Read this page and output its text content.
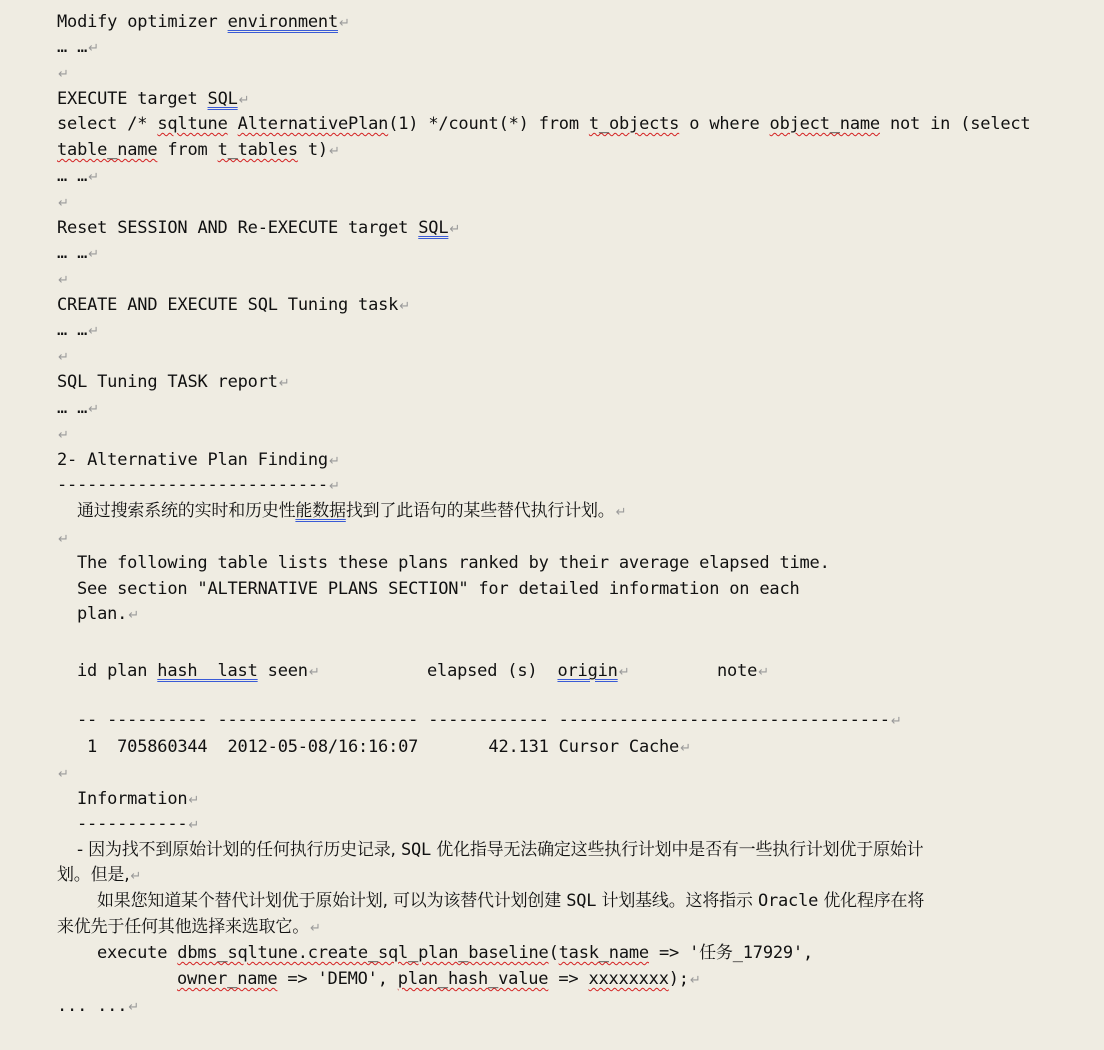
Modify optimizer environment↵
… …↵
↵
EXECUTE target SQL↵
select /* sqltune AlternativePlan(1) */count(*) from t_objects o where object_name not in (select
table_name from t_tables t)↵
… …↵
↵
Reset SESSION AND Re-EXECUTE target SQL↵
… …↵
↵
CREATE AND EXECUTE SQL Tuning task↵
… …↵
↵
SQL Tuning TASK report↵
… …↵
↵
2- Alternative Plan Finding↵
---------------------------↵
通过搜索系统的实时和历史性能数据找到了此语句的某些替代执行计划。↵
↵
The following table lists these plans ranked by their average elapsed time.
See section "ALTERNATIVE PLANS SECTION" for detailed information on each
plan.↵
id plan hash  last seen↵	elapsed (s)  origin↵	note↵
-- ---------- -------------------- ------------ ---------------------------------↵
1  705860344  2012-05-08/16:16:07       42.131 Cursor Cache↵
↵
Information↵
-----------↵
- 因为找不到原始计划的任何执行历史记录, SQL 优化指导无法确定这些执行计划中是否有一些执行计划优于原始计
划。但是,↵
如果您知道某个替代计划优于原始计划, 可以为该替代计划创建 SQL 计划基线。这将指示 Oracle 优化程序在将
来优先于任何其他选择来选取它。↵
execute dbms_sqltune.create_sql_plan_baseline(task_name => '任务_17929',
owner_name => 'DEMO', plan_hash_value => xxxxxxxx);↵
... ...↵
